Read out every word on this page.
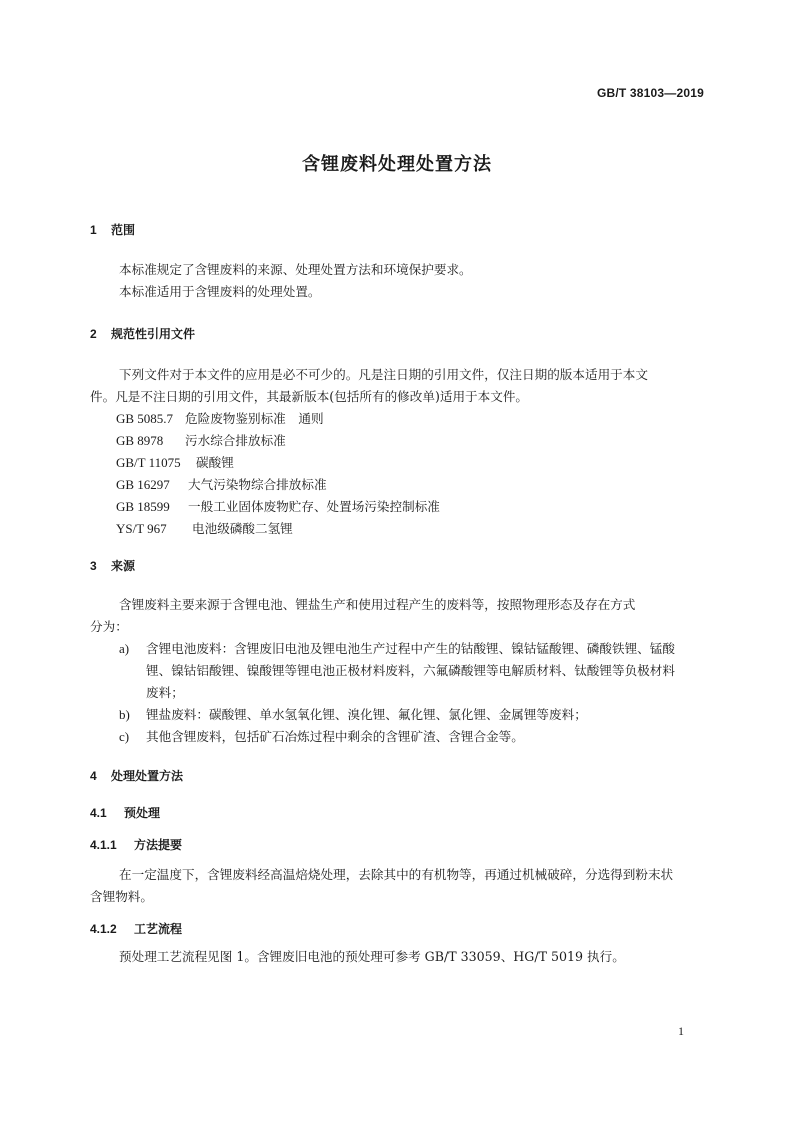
GB/T 38103—2019
含锂废料处理处置方法
1 范围
本标准规定了含锂废料的来源、处理处置方法和环境保护要求。
本标准适用于含锂废料的处理处置。
2 规范性引用文件
下列文件对于本文件的应用是必不可少的。凡是注日期的引用文件，仅注日期的版本适用于本文
件。凡是不注日期的引用文件，其最新版本(包括所有的修改单)适用于本文件。
GB 5085.7 危险废物鉴别标准　通则
GB 8978 污水综合排放标准
GB/T 11075 碳酸锂
GB 16297 大气污染物综合排放标准
GB 18599 一般工业固体废物贮存、处置场污染控制标准
YS/T 967 电池级磷酸二氢锂
3 来源
含锂废料主要来源于含锂电池、锂盐生产和使用过程产生的废料等，按照物理形态及存在方式
分为：
a) 含锂电池废料：含锂废旧电池及锂电池生产过程中产生的钴酸锂、镍钴锰酸锂、磷酸铁锂、锰酸
锂、镍钴铝酸锂、镍酸锂等锂电池正极材料废料，六氟磷酸锂等电解质材料、钛酸锂等负极材料
废料；
b) 锂盐废料：碳酸锂、单水氢氧化锂、溴化锂、氟化锂、氯化锂、金属锂等废料；
c) 其他含锂废料，包括矿石冶炼过程中剩余的含锂矿渣、含锂合金等。
4 处理处置方法
4.1 预处理
4.1.1 方法提要
在一定温度下，含锂废料经高温焙烧处理，去除其中的有机物等，再通过机械破碎，分选得到粉末状
含锂物料。
4.1.2 工艺流程
预处理工艺流程见图 1。含锂废旧电池的预处理可参考 GB/T 33059、HG/T 5019 执行。
1
